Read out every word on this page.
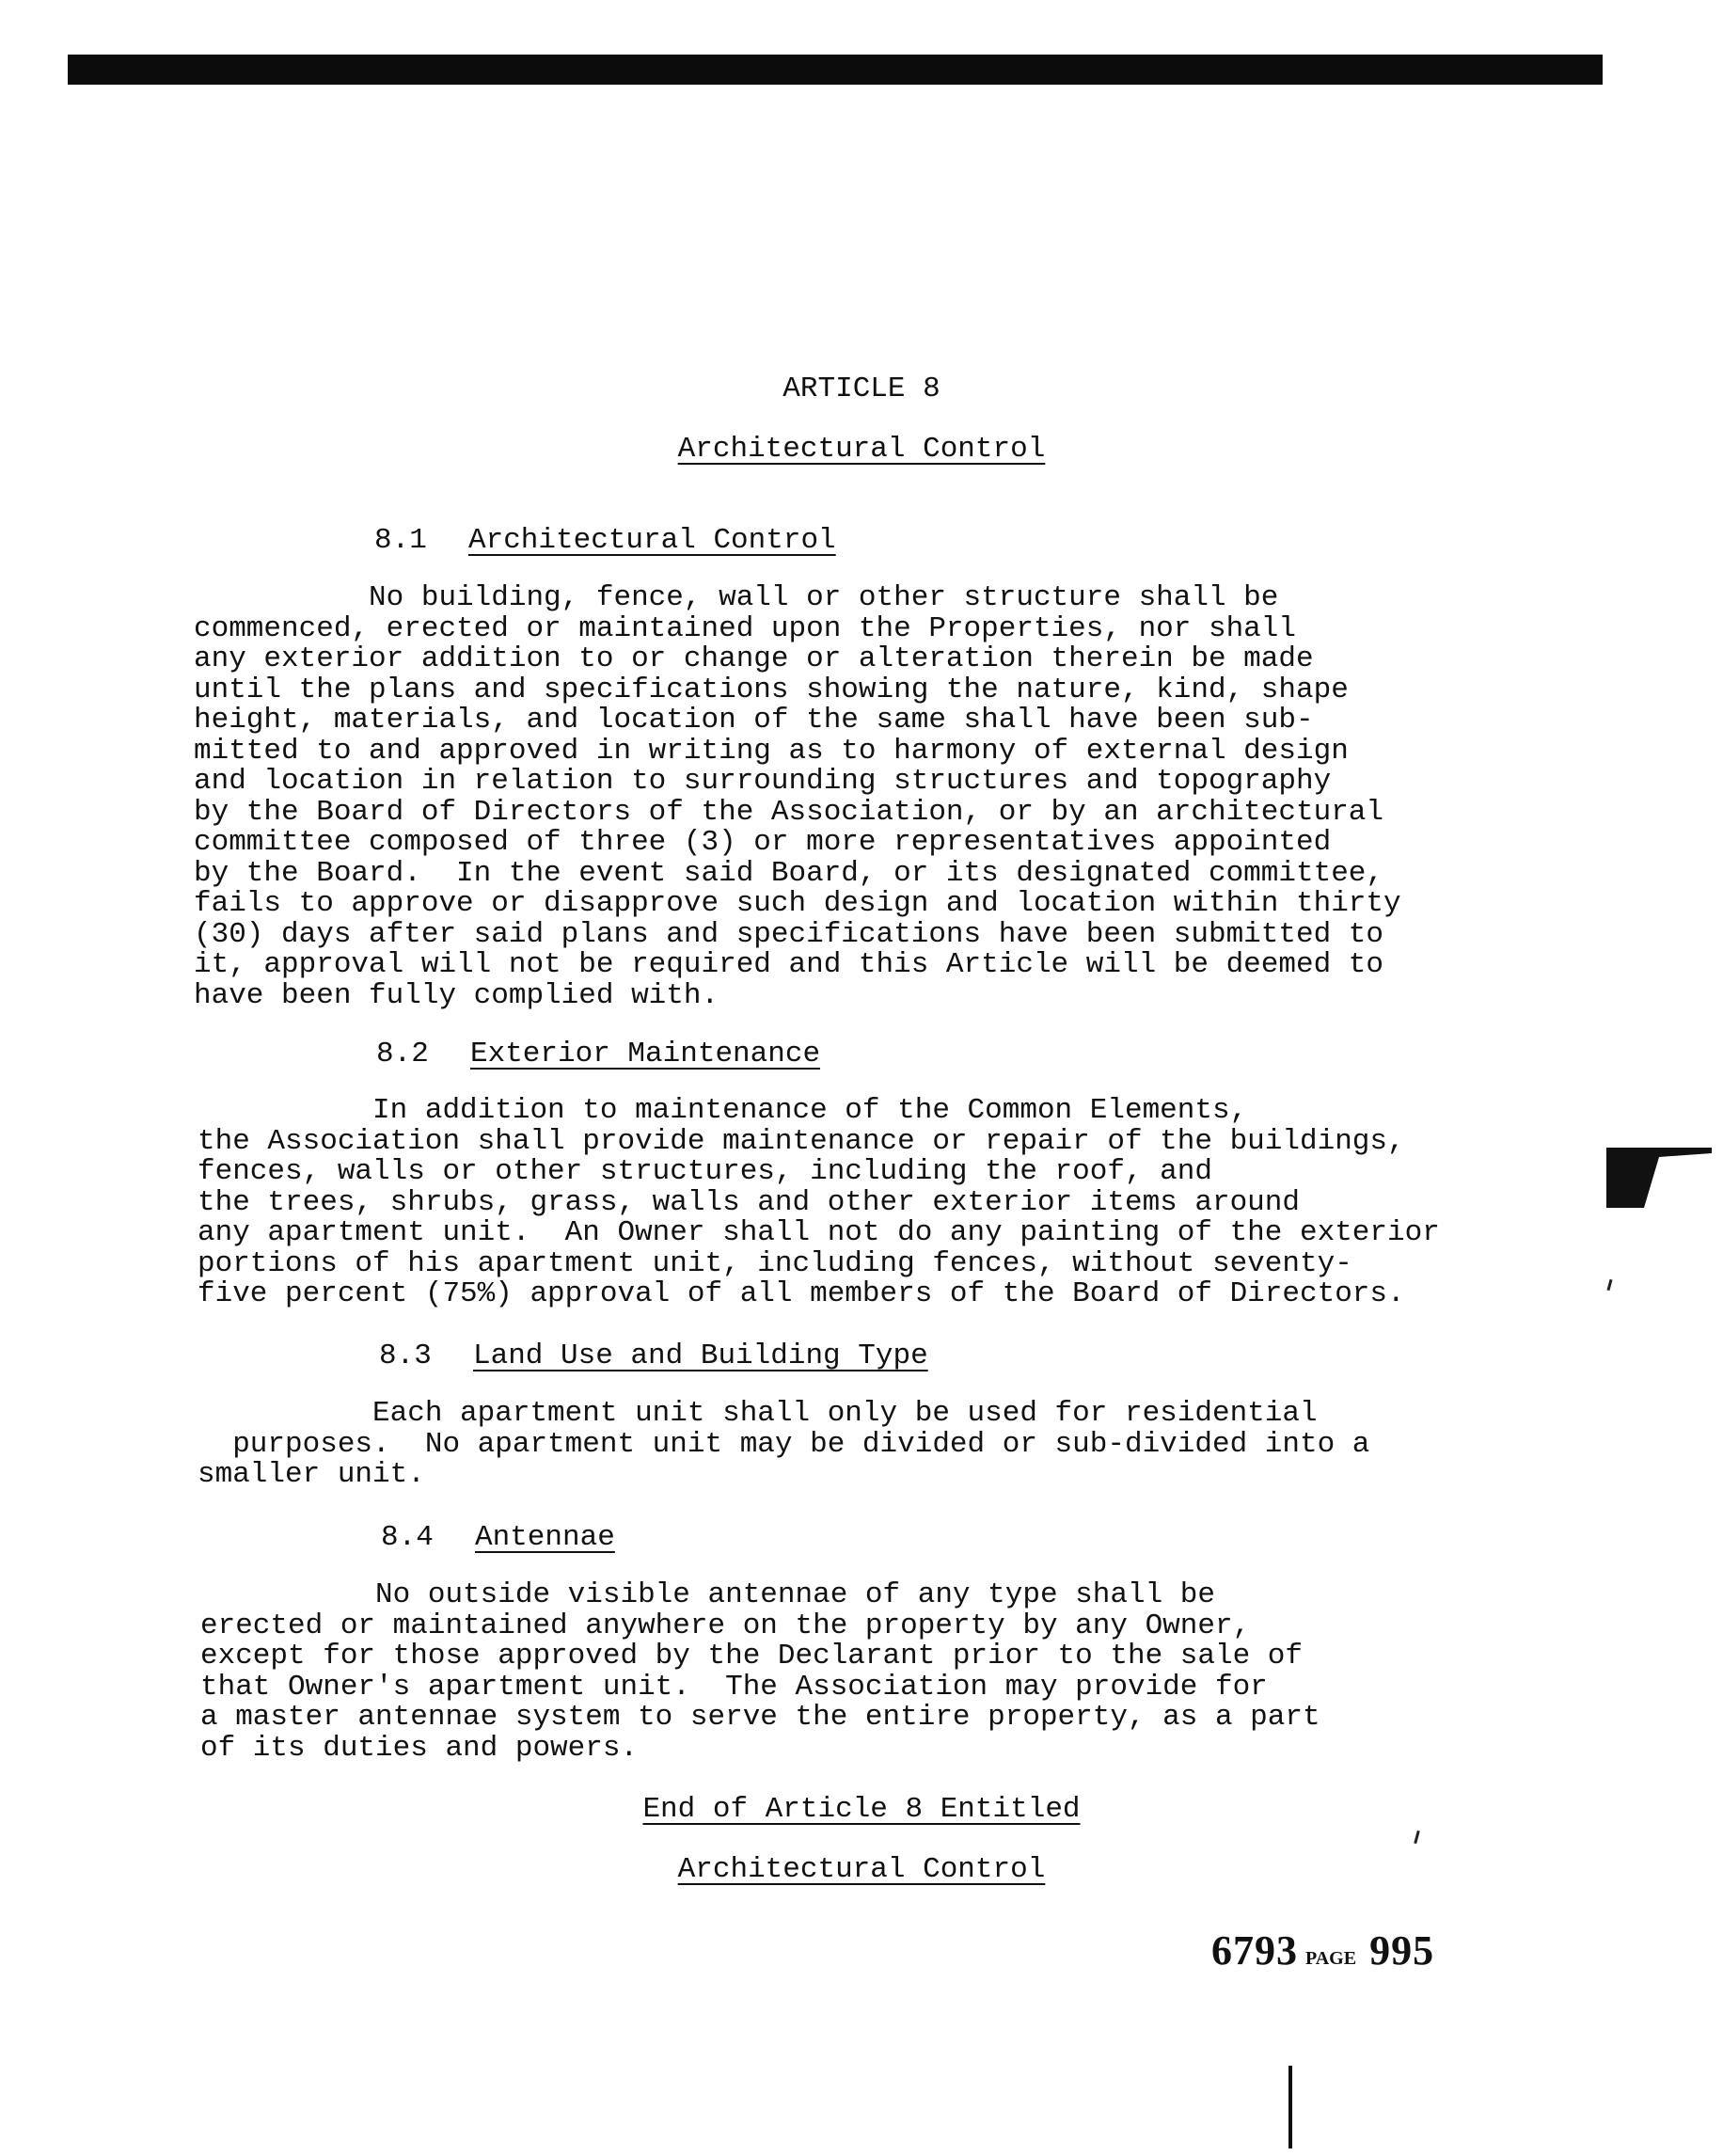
ARTICLE 8
Architectural Control
8.1 Architectural Control
No building, fence, wall or other structure shall be
commenced, erected or maintained upon the Properties, nor shall
any exterior addition to or change or alteration therein be made
until the plans and specifications showing the nature, kind, shape
height, materials, and location of the same shall have been sub-
mitted to and approved in writing as to harmony of external design
and location in relation to surrounding structures and topography
by the Board of Directors of the Association, or by an architectural
committee composed of three (3) or more representatives appointed
by the Board.  In the event said Board, or its designated committee,
fails to approve or disapprove such design and location within thirty
(30) days after said plans and specifications have been submitted to
it, approval will not be required and this Article will be deemed to
have been fully complied with.
8.2 Exterior Maintenance
In addition to maintenance of the Common Elements,
the Association shall provide maintenance or repair of the buildings,
fences, walls or other structures, including the roof, and
the trees, shrubs, grass, walls and other exterior items around
any apartment unit.  An Owner shall not do any painting of the exterior
portions of his apartment unit, including fences, without seventy-
five percent (75%) approval of all members of the Board of Directors.
8.3 Land Use and Building Type
Each apartment unit shall only be used for residential
purposes.  No apartment unit may be divided or sub-divided into a
smaller unit.
8.4 Antennae
No outside visible antennae of any type shall be
erected or maintained anywhere on the property by any Owner,
except for those approved by the Declarant prior to the sale of
that Owner's apartment unit.  The Association may provide for
a master antennae system to serve the entire property, as a part
of its duties and powers.
End of Article 8 Entitled
Architectural Control
6793 PAGE 995
